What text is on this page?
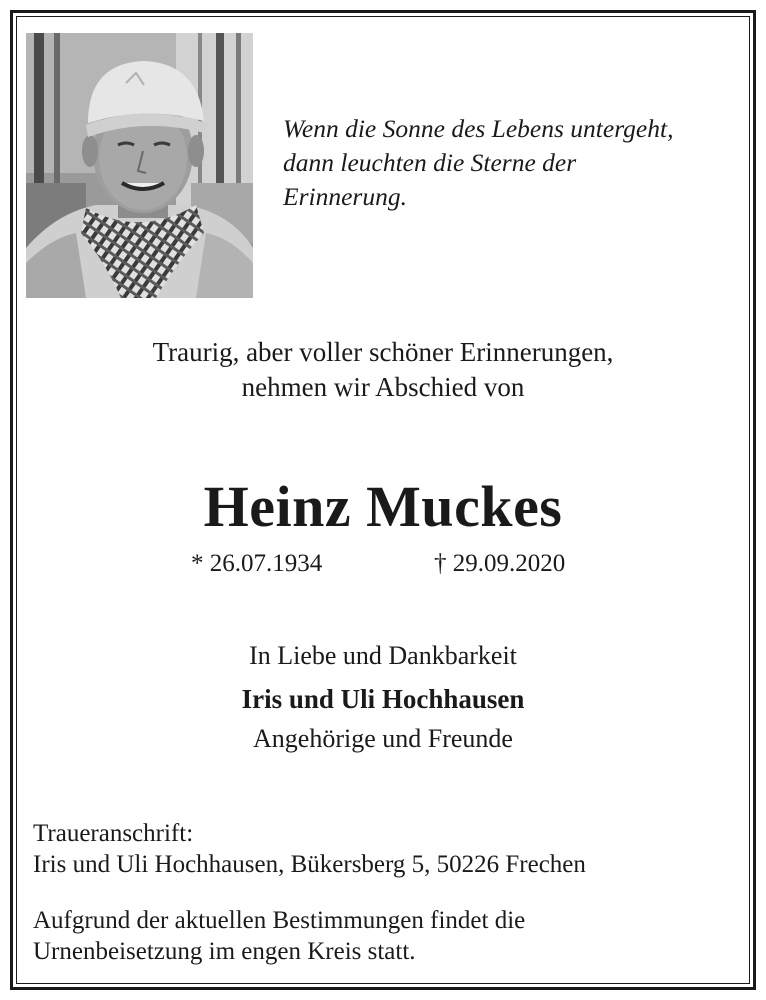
Wenn die Sonne des Lebens untergeht,
dann leuchten die Sterne der
Erinnerung.
Traurig, aber voller schöner Erinnerungen,
nehmen wir Abschied von
Heinz Muckes
* 26.07.1934	† 29.09.2020
In Liebe und Dankbarkeit
Iris und Uli Hochhausen
Angehörige und Freunde
Traueranschrift:
Iris und Uli Hochhausen, Bükersberg 5, 50226 Frechen
Aufgrund der aktuellen Bestimmungen findet die
Urnenbeisetzung im engen Kreis statt.
